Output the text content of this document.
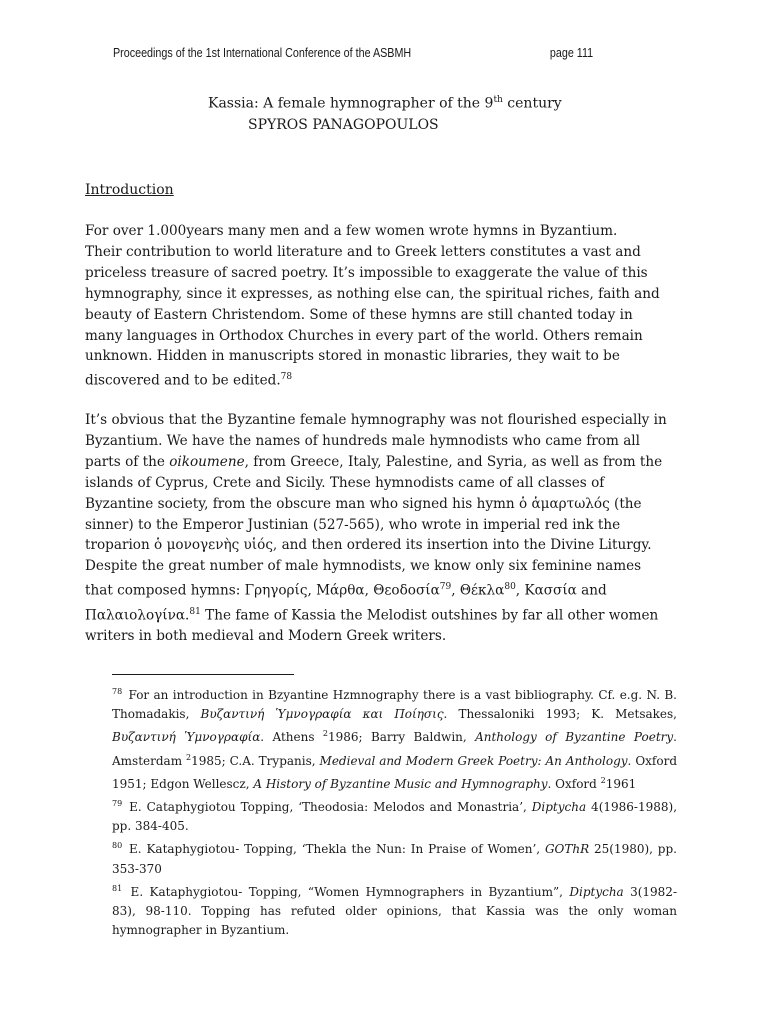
Proceedings of the 1st International Conference of the ASBMH	page 111
Kassia: A female hymnographer of the 9th century
SPYROS PANAGOPOULOS
Introduction
For over 1.000years many men and a few women wrote hymns in Byzantium.
Their contribution to world literature and to Greek letters constitutes a vast and
priceless treasure of sacred poetry. It’s impossible to exaggerate the value of this
hymnography, since it expresses, as nothing else can, the spiritual riches, faith and
beauty of Eastern Christendom. Some of these hymns are still chanted today in
many languages in Orthodox Churches in every part of the world. Others remain
unknown. Hidden in manuscripts stored in monastic libraries, they wait to be
discovered and to be edited.$^{78}$
It’s obvious that the Byzantine female hymnography was not flourished especially in
Byzantium. We have the names of hundreds male hymnodists who came from all
parts of the oikoumene, from Greece, Italy, Palestine, and Syria, as well as from the
islands of Cyprus, Crete and Sicily. These hymnodists came of all classes of
Byzantine society, from the obscure man who signed his hymn ὁ ἁμαρτωλός (the
sinner) to the Emperor Justinian (527-565), who wrote in imperial red ink the
troparion ὁ μονογενὴς υἱός, and then ordered its insertion into the Divine Liturgy.
Despite the great number of male hymnodists, we know only six feminine names
that composed hymns: Γρηγορίς, Μάρθα, Θεοδοσία$^{79}$, Θέκλα$^{80}$, Κασσία and
Παλαιολογίνα.$^{81}$ The fame of Kassia the Melodist outshines by far all other women
writers in both medieval and Modern Greek writers.
$^{78}$ For an introduction in Bzyantine Hzmnography there is a vast bibliography. Cf. e.g. N. B. Thomadakis, Βυζαντινή Ὑμνογραφία και Ποίησις. Thessaloniki 1993; K. Metsakes, Βυζαντινή Ὑμνογραφία. Athens $^2$1986; Barry Baldwin, Anthology of Byzantine Poetry. Amsterdam $^2$1985; C.A. Trypanis, Medieval and Modern Greek Poetry: An Anthology. Oxford 1951; Edgon Wellescz, A History of Byzantine Music and Hymnography. Oxford $^2$1961
$^{79}$ E. Cataphygiotou Topping, ‘Theodosia: Melodos and Monastria’, Diptycha 4(1986-1988), pp. 384-405.
$^{80}$ E. Kataphygiotou- Topping, ‘Thekla the Nun: In Praise of Women’, GOThR 25(1980), pp. 353-370
$^{81}$ E. Kataphygiotou- Topping, “Women Hymnographers in Byzantium”, Diptycha 3(1982-83), 98-110. Topping has refuted older opinions, that Kassia was the only woman hymnographer in Byzantium.
